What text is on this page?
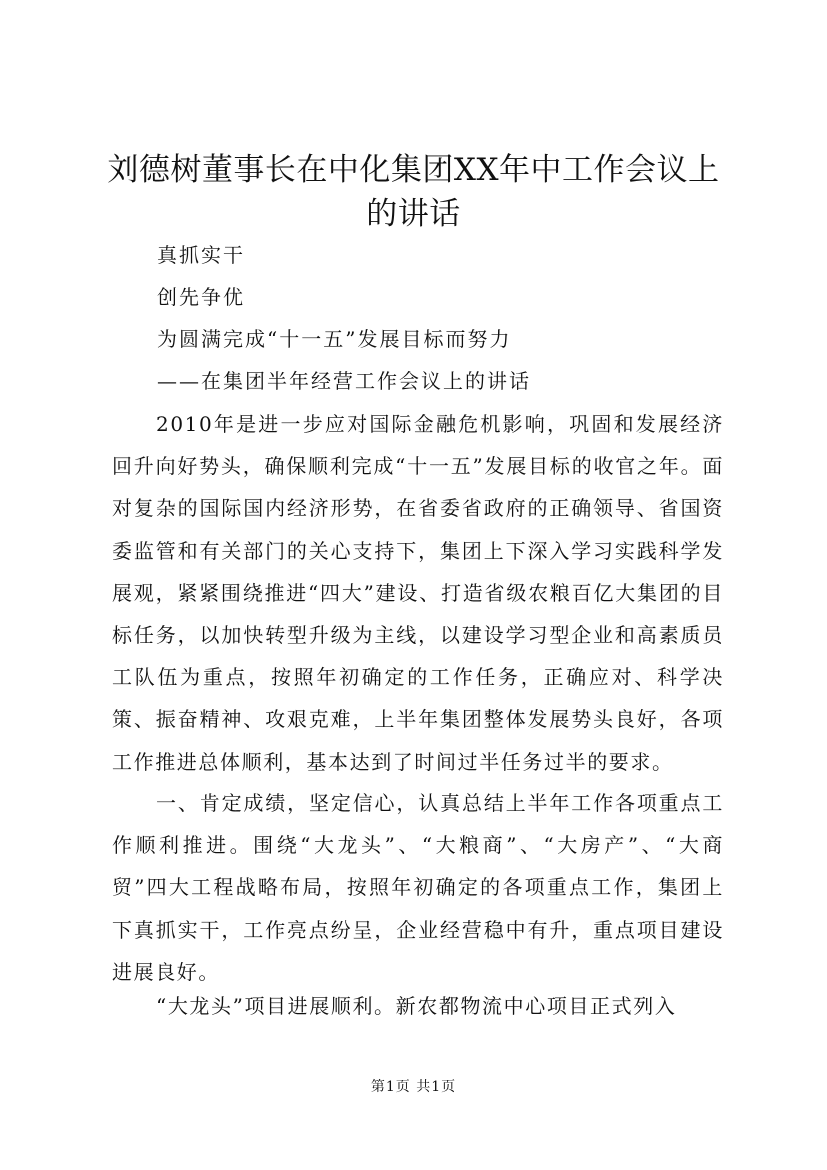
刘德树董事长在中化集团XX年中工作会议上的讲话
真抓实干
创先争优
为圆满完成“十一五”发展目标而努力
——在集团半年经营工作会议上的讲话
2010年是进一步应对国际金融危机影响，巩固和发展经济回升向好势头，确保顺利完成“十一五”发展目标的收官之年。面对复杂的国际国内经济形势，在省委省政府的正确领导、省国资委监管和有关部门的关心支持下，集团上下深入学习实践科学发展观，紧紧围绕推进“四大”建设、打造省级农粮百亿大集团的目标任务，以加快转型升级为主线，以建设学习型企业和高素质员工队伍为重点，按照年初确定的工作任务，正确应对、科学决策、振奋精神、攻艰克难，上半年集团整体发展势头良好，各项工作推进总体顺利，基本达到了时间过半任务过半的要求。
一、肯定成绩，坚定信心，认真总结上半年工作各项重点工作顺利推进。围绕“大龙头”、“大粮商”、“大房产”、“大商贸”四大工程战略布局，按照年初确定的各项重点工作，集团上下真抓实干，工作亮点纷呈，企业经营稳中有升，重点项目建设进展良好。
“大龙头”项目进展顺利。新农都物流中心项目正式列入
第1页 共1页
